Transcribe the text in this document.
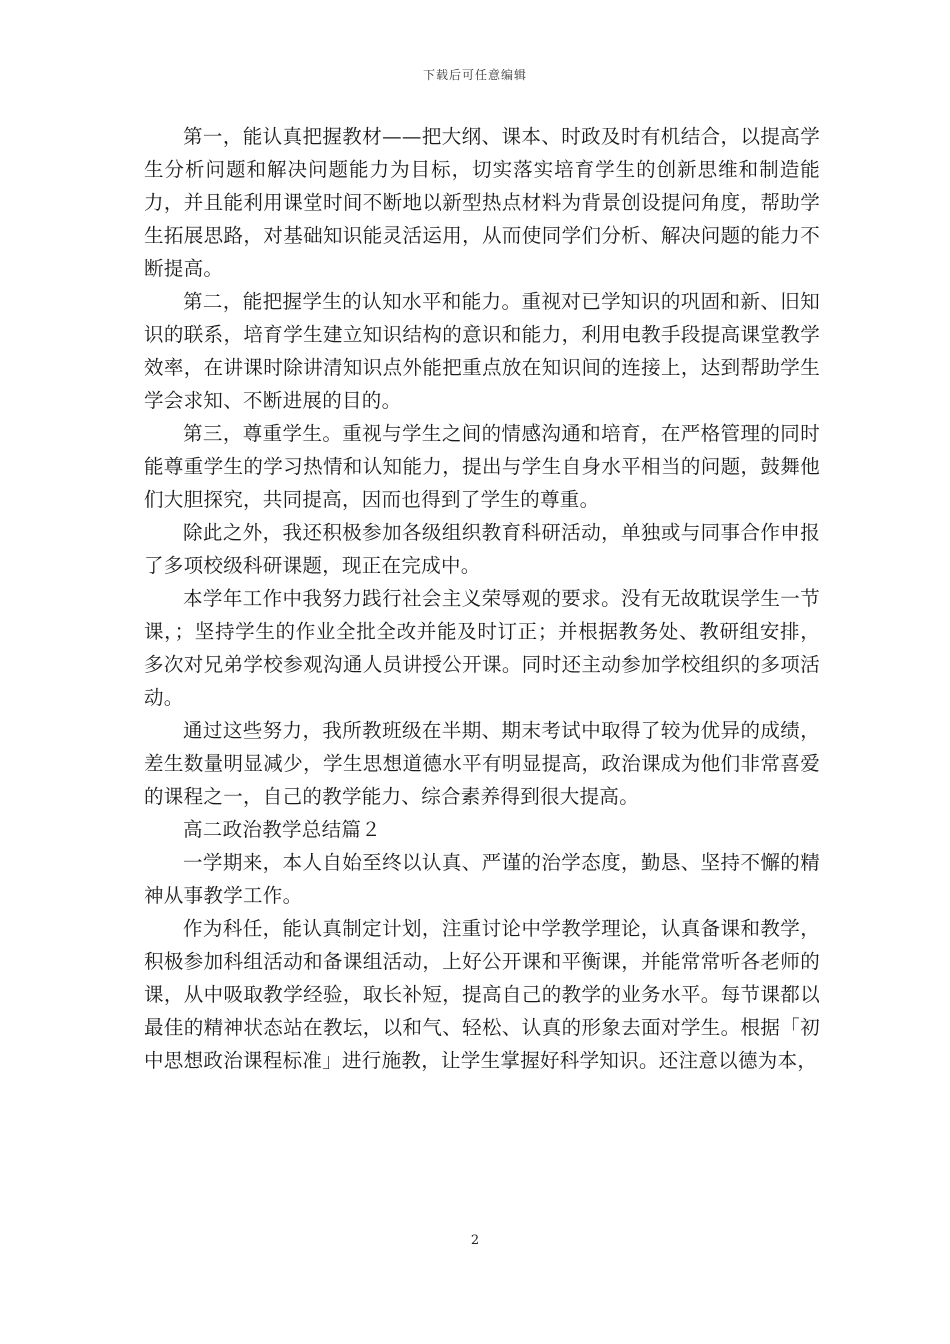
下载后可任意编辑

第一，能认真把握教材——把大纲、课本、时政及时有机结合，以提高学生分析问题和解决问题能力为目标，切实落实培育学生的创新思维和制造能力，并且能利用课堂时间不断地以新型热点材料为背景创设提问角度，帮助学生拓展思路，对基础知识能灵活运用，从而使同学们分析、解决问题的能力不断提高。

第二，能把握学生的认知水平和能力。重视对已学知识的巩固和新、旧知识的联系，培育学生建立知识结构的意识和能力，利用电教手段提高课堂教学效率，在讲课时除讲清知识点外能把重点放在知识间的连接上，达到帮助学生学会求知、不断进展的目的。

第三，尊重学生。重视与学生之间的情感沟通和培育，在严格管理的同时能尊重学生的学习热情和认知能力，提出与学生自身水平相当的问题，鼓舞他们大胆探究，共同提高，因而也得到了学生的尊重。

除此之外，我还积极参加各级组织教育科研活动，单独或与同事合作申报了多项校级科研课题，现正在完成中。

本学年工作中我努力践行社会主义荣辱观的要求。没有无故耽误学生一节课，；坚持学生的作业全批全改并能及时订正；并根据教务处、教研组安排，多次对兄弟学校参观沟通人员讲授公开课。同时还主动参加学校组织的多项活动。

通过这些努力，我所教班级在半期、期末考试中取得了较为优异的成绩，差生数量明显减少，学生思想道德水平有明显提高，政治课成为他们非常喜爱的课程之一，自己的教学能力、综合素养得到很大提高。

高二政治教学总结篇２

一学期来，本人自始至终以认真、严谨的治学态度，勤恳、坚持不懈的精神从事教学工作。

作为科任，能认真制定计划，注重讨论中学教学理论，认真备课和教学，积极参加科组活动和备课组活动，上好公开课和平衡课，并能常常听各老师的课，从中吸取教学经验，取长补短，提高自己的教学的业务水平。每节课都以最佳的精神状态站在教坛，以和气、轻松、认真的形象去面对学生。根据「初中思想政治课程标准」进行施教，让学生掌握好科学知识。还注意以德为本，

2
